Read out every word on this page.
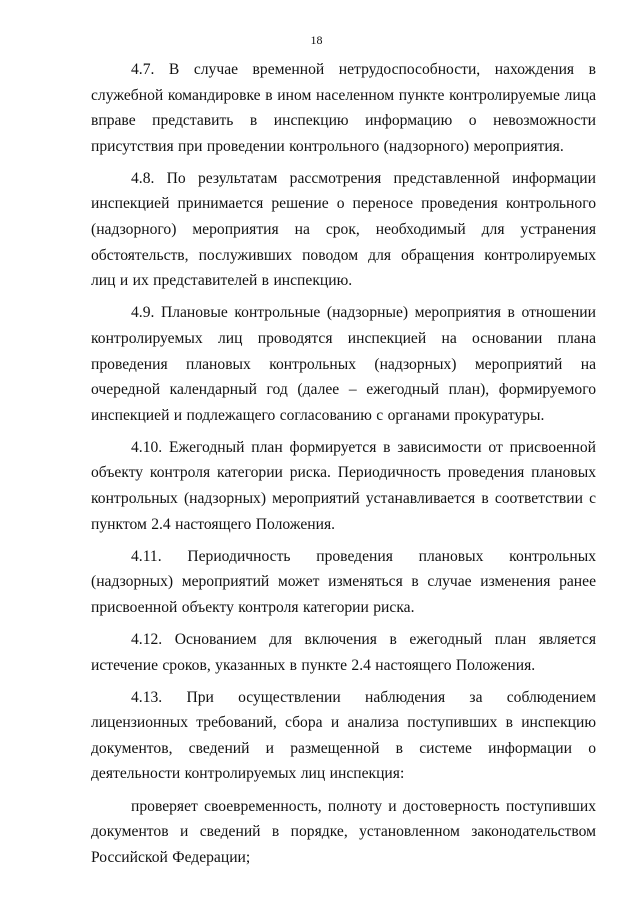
18

4.7. В случае временной нетрудоспособности, нахождения в служебной командировке в ином населенном пункте контролируемые лица вправе представить в инспекцию информацию о невозможности присутствия при проведении контрольного (надзорного) мероприятия.

4.8. По результатам рассмотрения представленной информации инспекцией принимается решение о переносе проведения контрольного (надзорного) мероприятия на срок, необходимый для устранения обстоятельств, послуживших поводом для обращения контролируемых лиц и их представителей в инспекцию.

4.9. Плановые контрольные (надзорные) мероприятия в отношении контролируемых лиц проводятся инспекцией на основании плана проведения плановых контрольных (надзорных) мероприятий на очередной календарный год (далее – ежегодный план), формируемого инспекцией и подлежащего согласованию с органами прокуратуры.

4.10. Ежегодный план формируется в зависимости от присвоенной объекту контроля категории риска. Периодичность проведения плановых контрольных (надзорных) мероприятий устанавливается в соответствии с пунктом 2.4 настоящего Положения.

4.11. Периодичность проведения плановых контрольных (надзорных) мероприятий может изменяться в случае изменения ранее присвоенной объекту контроля категории риска.

4.12. Основанием для включения в ежегодный план является истечение сроков, указанных в пункте 2.4 настоящего Положения.

4.13. При осуществлении наблюдения за соблюдением лицензионных требований, сбора и анализа поступивших в инспекцию документов, сведений и размещенной в системе информации о деятельности контролируемых лиц инспекция:

проверяет своевременность, полноту и достоверность поступивших документов и сведений в порядке, установленном законодательством Российской Федерации;
